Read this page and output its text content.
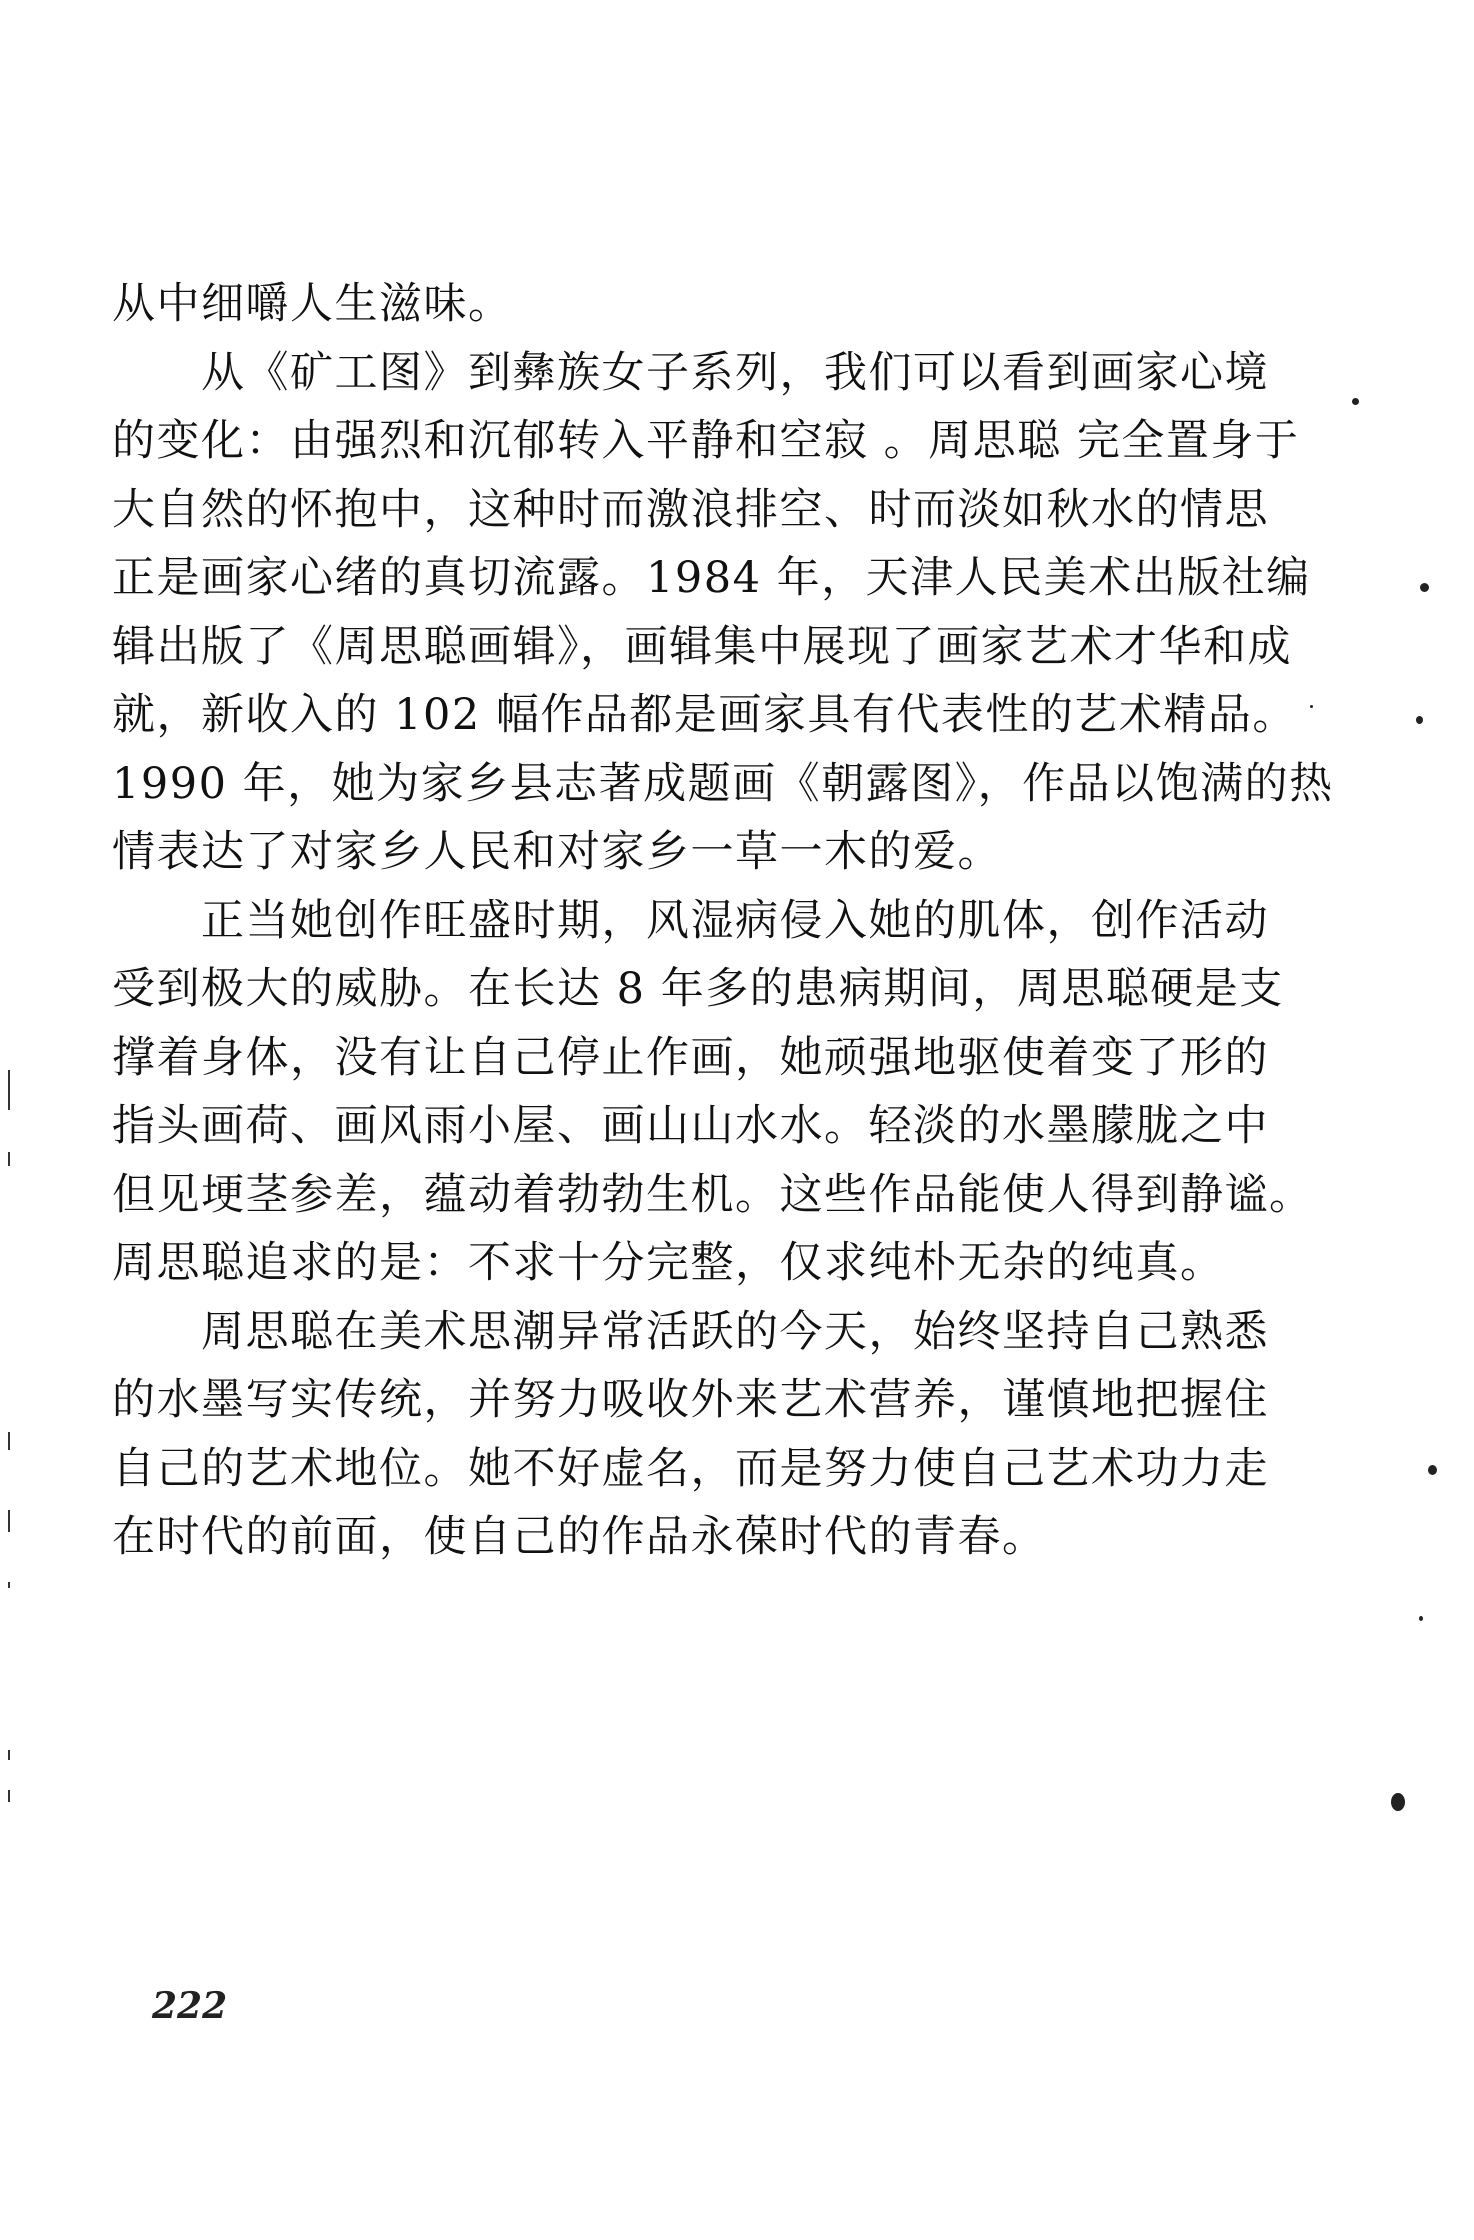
从中细嚼人生滋味。
　　从《矿工图》到彝族女子系列，我们可以看到画家心境
的变化：由强烈和沉郁转入平静和空寂 。周思聪 完全置身于
大自然的怀抱中，这种时而激浪排空、时而淡如秋水的情思
正是画家心绪的真切流露。1984 年，天津人民美术出版社编
辑出版了《周思聪画辑》，画辑集中展现了画家艺术才华和成
就，新收入的 102 幅作品都是画家具有代表性的艺术精品。
1990 年，她为家乡县志著成题画《朝露图》，作品以饱满的热
情表达了对家乡人民和对家乡一草一木的爱。
　　正当她创作旺盛时期，风湿病侵入她的肌体，创作活动
受到极大的威胁。在长达 8 年多的患病期间，周思聪硬是支
撑着身体，没有让自己停止作画，她顽强地驱使着变了形的
指头画荷、画风雨小屋、画山山水水。轻淡的水墨朦胧之中
但见埂茎参差，蕴动着勃勃生机。这些作品能使人得到静谧。
周思聪追求的是：不求十分完整，仅求纯朴无杂的纯真。
　　周思聪在美术思潮异常活跃的今天，始终坚持自己熟悉
的水墨写实传统，并努力吸收外来艺术营养，谨慎地把握住
自己的艺术地位。她不好虚名，而是努力使自己艺术功力走
在时代的前面，使自己的作品永葆时代的青春。
222
